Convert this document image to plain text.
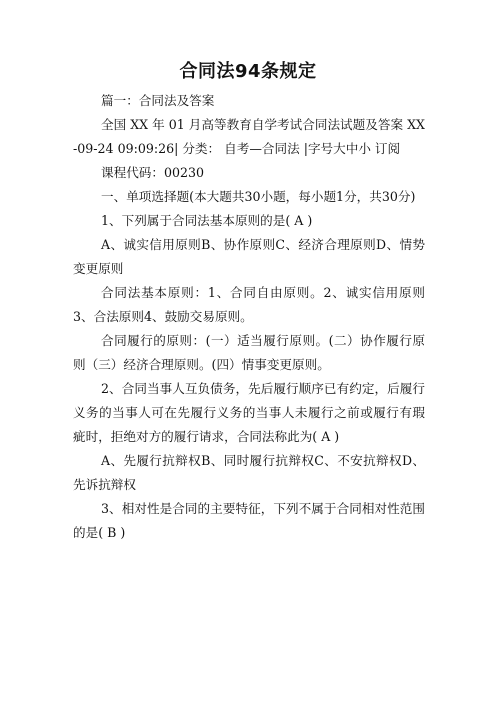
合同法94条规定

篇一：合同法及答案

全国 XX 年 01 月高等教育自学考试合同法试题及答案 XX-09-24 09:09:26| 分类： 自考—合同法 |字号大中小 订阅

课程代码：00230

一、单项选择题(本大题共30小题，每小题1分，共30分)

1、下列属于合同法基本原则的是( A )

A、诚实信用原则B、协作原则C、经济合理原则D、情势变更原则

合同法基本原则：1、合同自由原则。2、诚实信用原则3、合法原则4、鼓励交易原则。

合同履行的原则：(一）适当履行原则。(二）协作履行原则（三）经济合理原则。(四）情事变更原则。

2、合同当事人互负债务，先后履行顺序已有约定，后履行义务的当事人可在先履行义务的当事人未履行之前或履行有瑕疵时，拒绝对方的履行请求，合同法称此为( A )

A、先履行抗辩权B、同时履行抗辩权C、不安抗辩权D、先诉抗辩权

3、相对性是合同的主要特征，下列不属于合同相对性范围的是( B )
